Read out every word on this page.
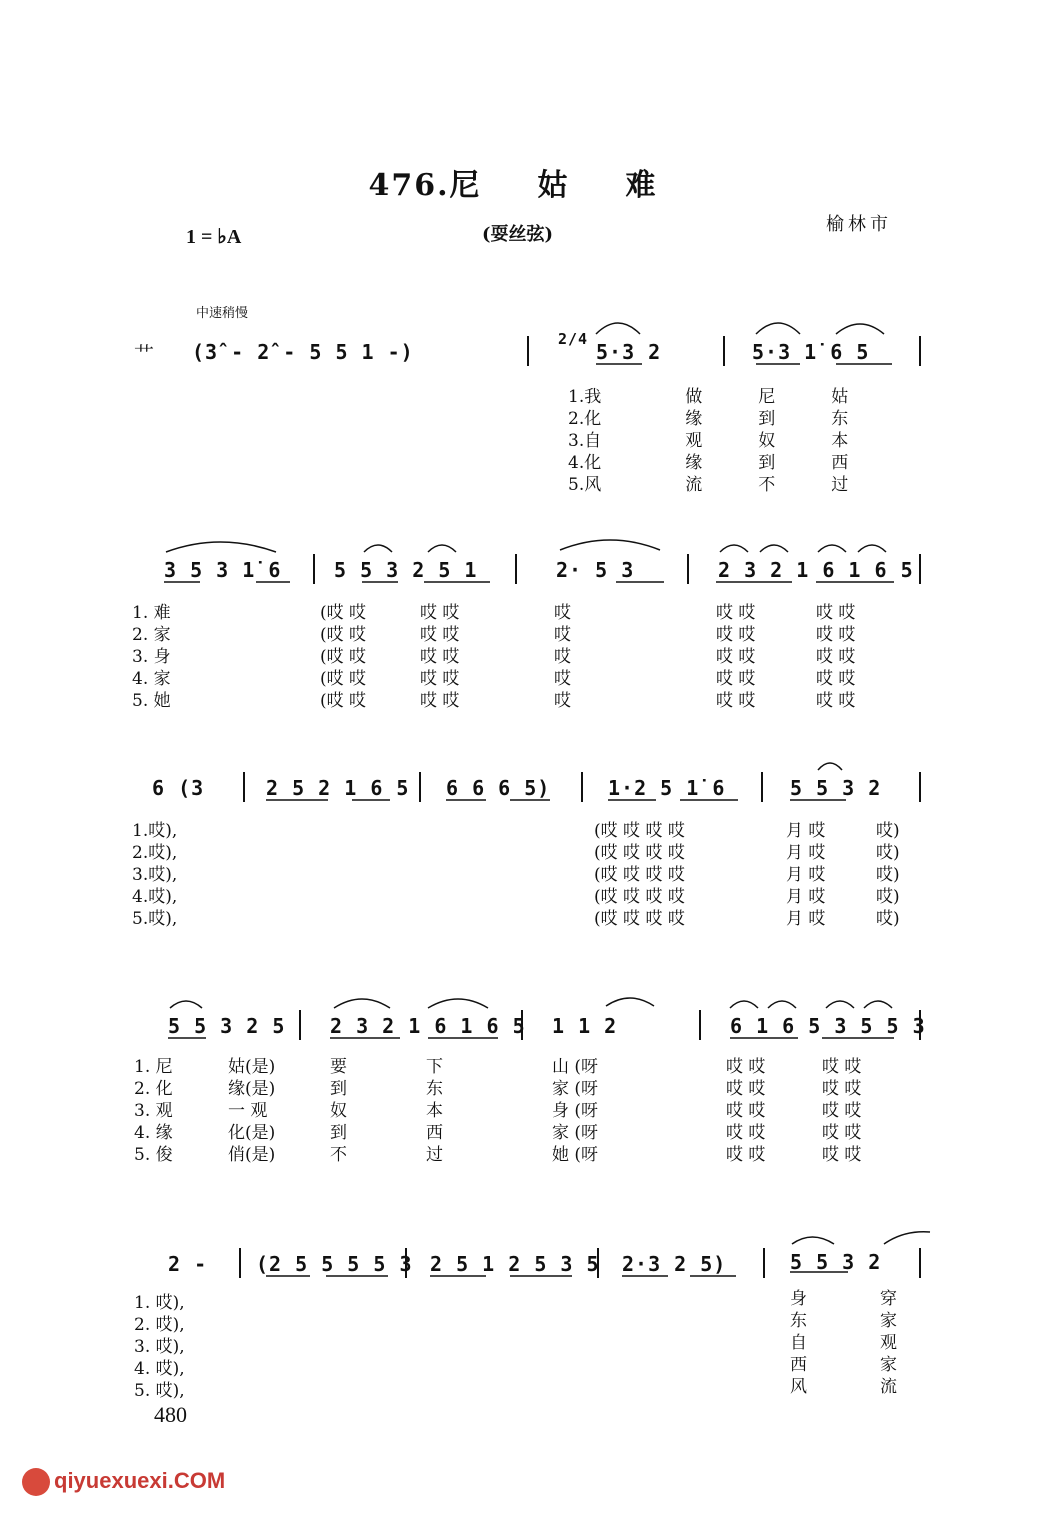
476.尼 姑 难
1 = ♭A	(耍丝弦)	榆林市
中速稍慢
艹 (3̂ - 2̂ - 5 5 1 -)
2/4
5·3 2	5·3 1̇ 6 5
1.我	做	尼	姑
2.化	缘	到	东
3.自	观	奴	本
4.化	缘	到	西
5.风	流	不	过
3 5 3 1̇ 6	5 5 3 2 5 1	2· 5 3	2 3 2 1 6 1 6 5
1. 难	(哎 哎	哎 哎	哎	哎 哎	哎 哎
2. 家	(哎 哎	哎 哎	哎	哎 哎	哎 哎
3. 身	(哎 哎	哎 哎	哎	哎 哎	哎 哎
4. 家	(哎 哎	哎 哎	哎	哎 哎	哎 哎
5. 她	(哎 哎	哎 哎	哎	哎 哎	哎 哎
6 (3	2 5 2 1 6 5 6 6 6 5)	1·2 5 1̇ 6	5 5 3 2
1.哎),	(哎 哎 哎 哎	月 哎	哎)
2.哎),	(哎 哎 哎 哎	月 哎	哎)
3.哎),	(哎 哎 哎 哎	月 哎	哎)
4.哎),	(哎 哎 哎 哎	月 哎	哎)
5.哎),	(哎 哎 哎 哎	月 哎	哎)
5 5 3 2 5 2 3 2 1 6 1 6 5 1 1 2	6 1 6 5 3 5 5 3
1. 尼	姑(是)	要	下	山 (呀	哎 哎	哎 哎
2. 化	缘(是)	到	东	家 (呀	哎 哎	哎 哎
3. 观	一 观	奴	本	身 (呀	哎 哎	哎 哎
4. 缘	化(是)	到	西	家 (呀	哎 哎	哎 哎
5. 俊	俏(是)	不	过	她 (呀	哎 哎	哎 哎
2 - (2 5 5 5 5 3 2 5 1 2 5 3 5 2·3 2 5)	5 5 3 2
1. 哎),	身	穿
2. 哎),	东	家
3. 哎),	自	观
4. 哎),	西	家
5. 哎),	风	流
480
qiyuexuexi.COM
